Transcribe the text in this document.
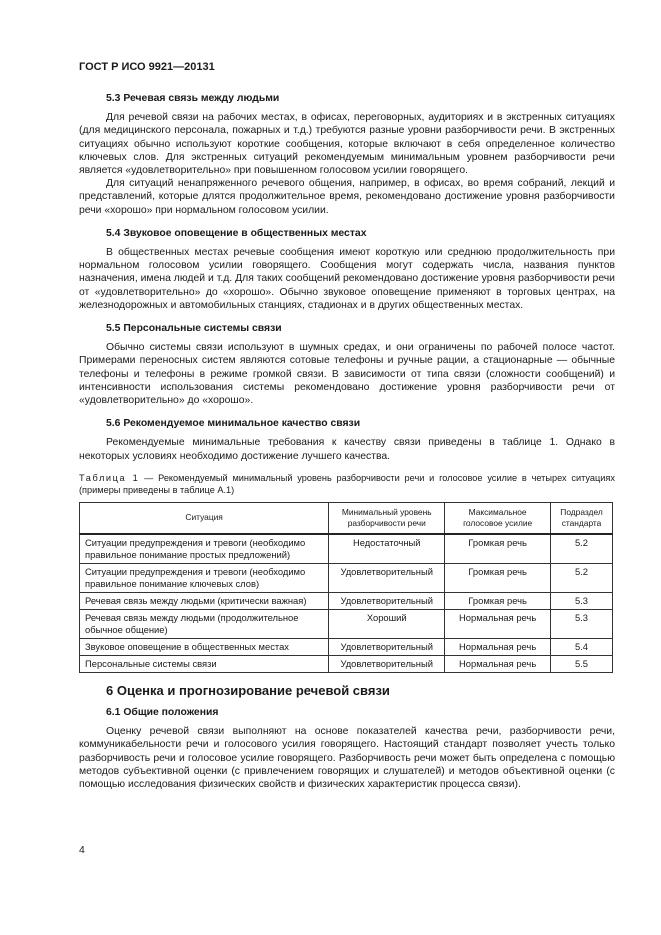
ГОСТ Р ИСО 9921—20131
5.3 Речевая связь между людьми

Для речевой связи на рабочих местах, в офисах, переговорных, аудиториях и в экстренных ситуациях (для медицинского персонала, пожарных и т.д.) требуются разные уровни разборчивости речи. В экстренных ситуациях обычно используют короткие сообщения, которые включают в себя определенное количество ключевых слов. Для экстренных ситуаций рекомендуемым минимальным уровнем разборчивости речи является «удовлетворительно» при повышенном голосовом усилии говорящего.

Для ситуаций ненапряженного речевого общения, например, в офисах, во время собраний, лекций и представлений, которые длятся продолжительное время, рекомендовано достижение уровня разборчивости речи «хорошо» при нормальном голосовом усилии.

5.4 Звуковое оповещение в общественных местах

В общественных местах речевые сообщения имеют короткую или среднюю продолжительность при нормальном голосовом усилии говорящего. Сообщения могут содержать числа, названия пунктов назначения, имена людей и т.д. Для таких сообщений рекомендовано достижение уровня разборчивости речи от «удовлетворительно» до «хорошо». Обычно звуковое оповещение применяют в торговых центрах, на железнодорожных и автомобильных станциях, стадионах и в других общественных местах.

5.5 Персональные системы связи

Обычно системы связи используют в шумных средах, и они ограничены по рабочей полосе частот. Примерами переносных систем являются сотовые телефоны и ручные рации, а стационарные — обычные телефоны и телефоны в режиме громкой связи. В зависимости от типа связи (сложности сообщений) и интенсивности использования системы рекомендовано достижение уровня разборчивости речи от «удовлетворительно» до «хорошо».

5.6 Рекомендуемое минимальное качество связи

Рекомендуемые минимальные требования к качеству связи приведены в таблице 1. Однако в некоторых условиях необходимо достижение лучшего качества.

Таблица 1 — Рекомендуемый минимальный уровень разборчивости речи и голосовое усилие в четырех ситуациях (примеры приведены в таблице А.1)
Ситуация	Минимальный уровень разборчивости речи	Максимальное голосовое усилие	Подраздел стандарта
Ситуации предупреждения и тревоги (необходимо правильное понимание простых предложений)	Недостаточный	Громкая речь	5.2
Ситуации предупреждения и тревоги (необходимо правильное понимание ключевых слов)	Удовлетворительный	Громкая речь	5.2
Речевая связь между людьми (критически важная)	Удовлетворительный	Громкая речь	5.3
Речевая связь между людьми (продолжительное обычное общение)	Хороший	Нормальная речь	5.3
Звуковое оповещение в общественных местах	Удовлетворительный	Нормальная речь	5.4
Персональные системы связи	Удовлетворительный	Нормальная речь	5.5
6 Оценка и прогнозирование речевой связи
6.1 Общие положения

Оценку речевой связи выполняют на основе показателей качества речи, разборчивости речи, коммуникабельности речи и голосового усилия говорящего. Настоящий стандарт позволяет учесть только разборчивость речи и голосовое усилие говорящего. Разборчивость речи может быть определена с помощью методов субъективной оценки (с привлечением говорящих и слушателей) и методов объективной оценки (с помощью исследования физических свойств и физических характеристик процесса связи).

4
